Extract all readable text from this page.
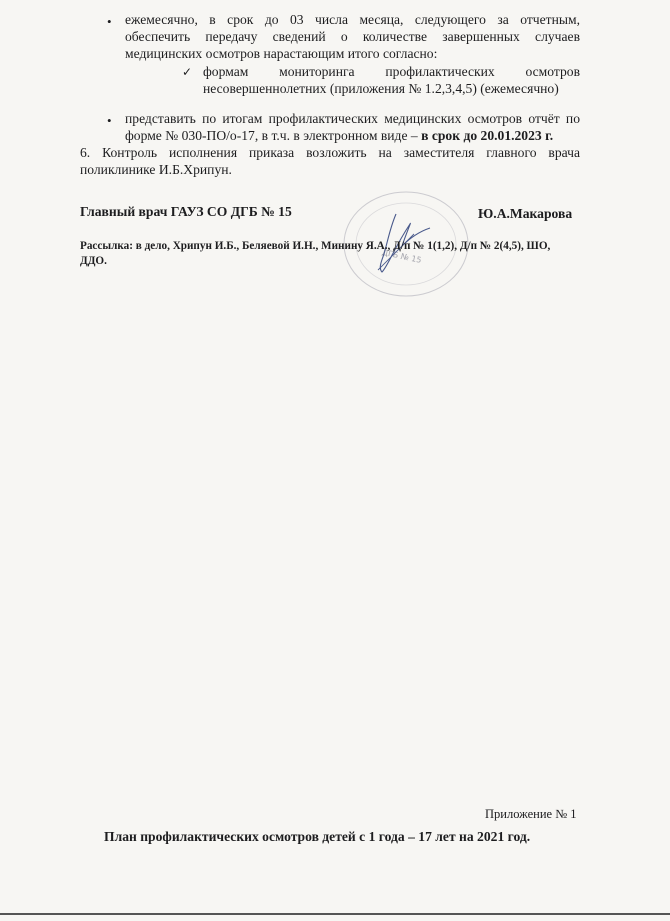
• ежемесячно, в срок до 03 числа месяца, следующего за отчетным,
обеспечить передачу сведений о количестве завершенных случаев
медицинских осмотров нарастающим итого согласно:
✓ формам мониторинга профилактических осмотров
несовершеннолетних (приложения № 1.2,3,4,5) (ежемесячно)
• представить по итогам профилактических медицинских осмотров отчёт по
форме № 030-ПО/о-17, в т.ч. в электронном виде – в срок до 20.01.2023 г.
6. Контроль исполнения приказа возложить на заместителя главного врача
поликлинике И.Б.Хрипун.
Главный врач ГАУЗ СО ДГБ № 15	Ю.А.Макарова
ДГБ № 15
Рассылка: в дело, Хрипун И.Б., Беляевой И.Н., Минину Я.А., Д/п № 1(1,2), Д/п № 2(4,5), ШО,
ДДО.
Приложение № 1
План профилактических осмотров детей с 1 года – 17 лет на 2021 год.
